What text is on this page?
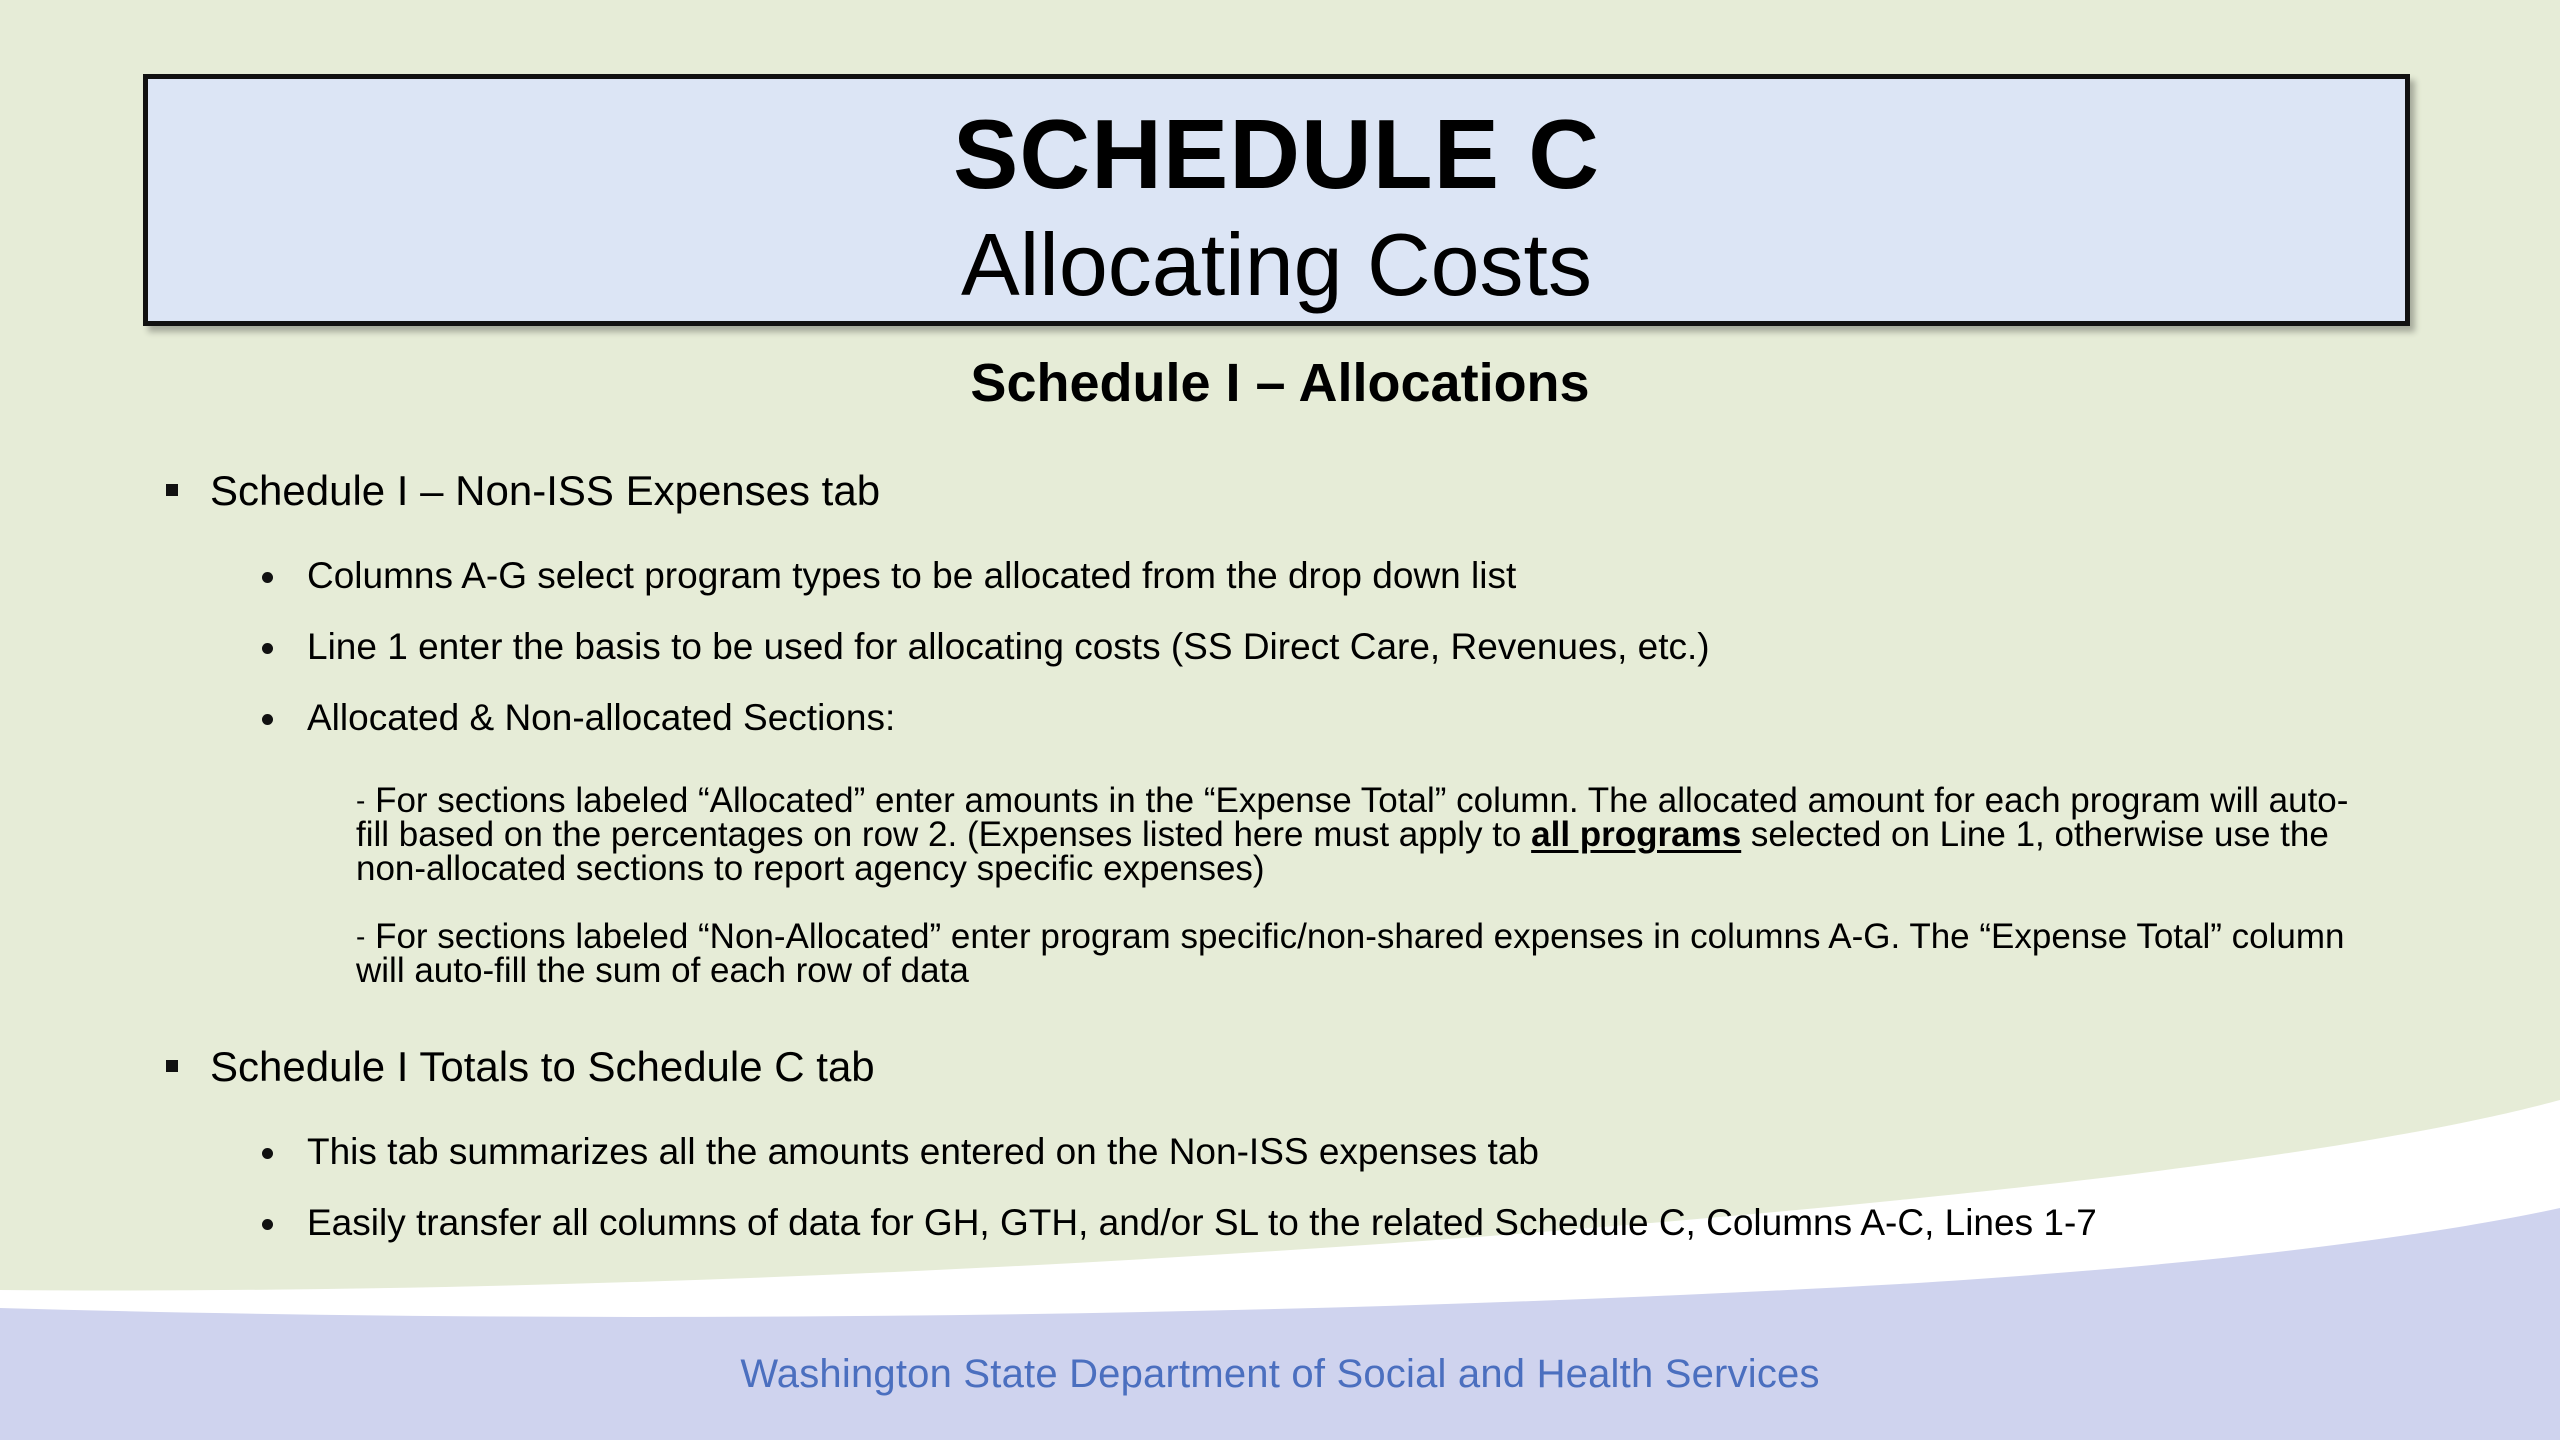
SCHEDULE C
Allocating Costs
Schedule I – Allocations
Schedule I – Non-ISS Expenses tab
Columns A-G select program types to be allocated from the drop down list
Line 1 enter the basis to be used for allocating costs (SS Direct Care, Revenues, etc.)
Allocated & Non-allocated Sections:
- For sections labeled “Allocated” enter amounts in the “Expense Total” column. The allocated amount for each program will auto-fill based on the percentages on row 2. (Expenses listed here must apply to all programs selected on Line 1, otherwise use the non-allocated sections to report agency specific expenses)
- For sections labeled “Non-Allocated” enter program specific/non-shared expenses in columns A-G. The “Expense Total” column will auto-fill the sum of each row of data
Schedule I Totals to Schedule C tab
This tab summarizes all the amounts entered on the Non-ISS expenses tab
Easily transfer all columns of data for GH, GTH, and/or SL to the related Schedule C, Columns A-C, Lines 1-7
Washington State Department of Social and Health Services
